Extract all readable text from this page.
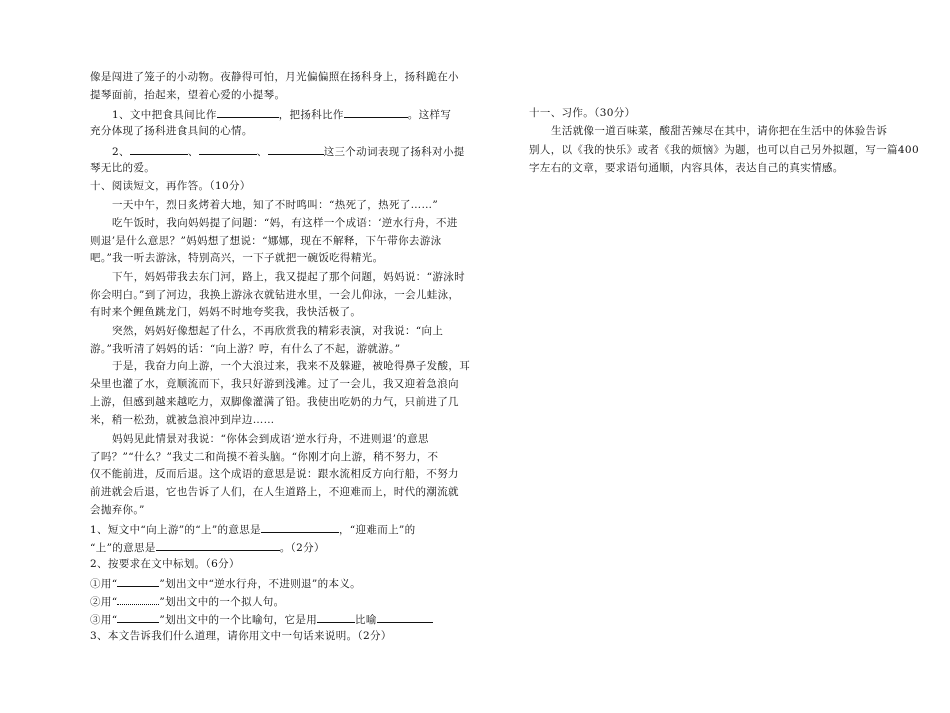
像是闯进了笼子的小动物。夜静得可怕，月光偏偏照在扬科身上，扬科跪在小
提琴面前，抬起来，望着心爱的小提琴。
1、文中把食具间比作	，把扬科比作	。这样写
充分体现了扬科进食具间的心情。
2、	、	、	这三个动词表现了扬科对小提
琴无比的爱。
十、阅读短文，再作答。（10分）
一天中午，烈日炙烤着大地，知了不时鸣叫：“热死了，热死了……”
吃午饭时，我向妈妈提了问题：“妈，有这样一个成语：‘逆水行舟，不进
则退’是什么意思？”妈妈想了想说：“娜娜，现在不解释，下午带你去游泳
吧。”我一听去游泳，特别高兴，一下子就把一碗饭吃得精光。
下午，妈妈带我去东门河，路上，我又提起了那个问题，妈妈说：“游泳时
你会明白。”到了河边，我换上游泳衣就钻进水里，一会儿仰泳，一会儿蛙泳，
有时来个鲤鱼跳龙门，妈妈不时地夸奖我，我快活极了。
突然，妈妈好像想起了什么，不再欣赏我的精彩表演，对我说：“向上
游。”我听清了妈妈的话：“向上游？哼，有什么了不起，游就游。”
于是，我奋力向上游，一个大浪过来，我来不及躲避，被呛得鼻子发酸，耳
朵里也灌了水，竟顺流而下，我只好游到浅滩。过了一会儿，我又迎着急浪向
上游，但感到越来越吃力，双脚像灌满了铅。我使出吃奶的力气，只前进了几
米，稍一松劲，就被急浪冲到岸边……
妈妈见此情景对我说：“你体会到成语‘逆水行舟，不进则退’的意思
了吗？”“什么？”我丈二和尚摸不着头脑。“你刚才向上游，稍不努力，不
仅不能前进，反而后退。这个成语的意思是说：跟水流相反方向行船，不努力
前进就会后退，它也告诉了人们，在人生道路上，不迎难而上，时代的潮流就
会抛弃你。”
1、短文中“向上游”的“上”的意思是	，“迎难而上”的
“上”的意思是	。（2分）
2、按要求在文中标划。（6分）
①用“	”划出文中“逆水行舟，不进则退”的本义。
②用“	”划出文中的一个拟人句。
③用“	”划出文中的一个比喻句，它是用	比喻
3、本文告诉我们什么道理，请你用文中一句话来说明。（2分）
十一、习作。（30分）
生活就像一道百味菜，酸甜苦辣尽在其中，请你把在生活中的体验告诉
别人，以《我的快乐》或者《我的烦恼》为题，也可以自己另外拟题，写一篇400
字左右的文章，要求语句通顺，内容具体，表达自己的真实情感。
